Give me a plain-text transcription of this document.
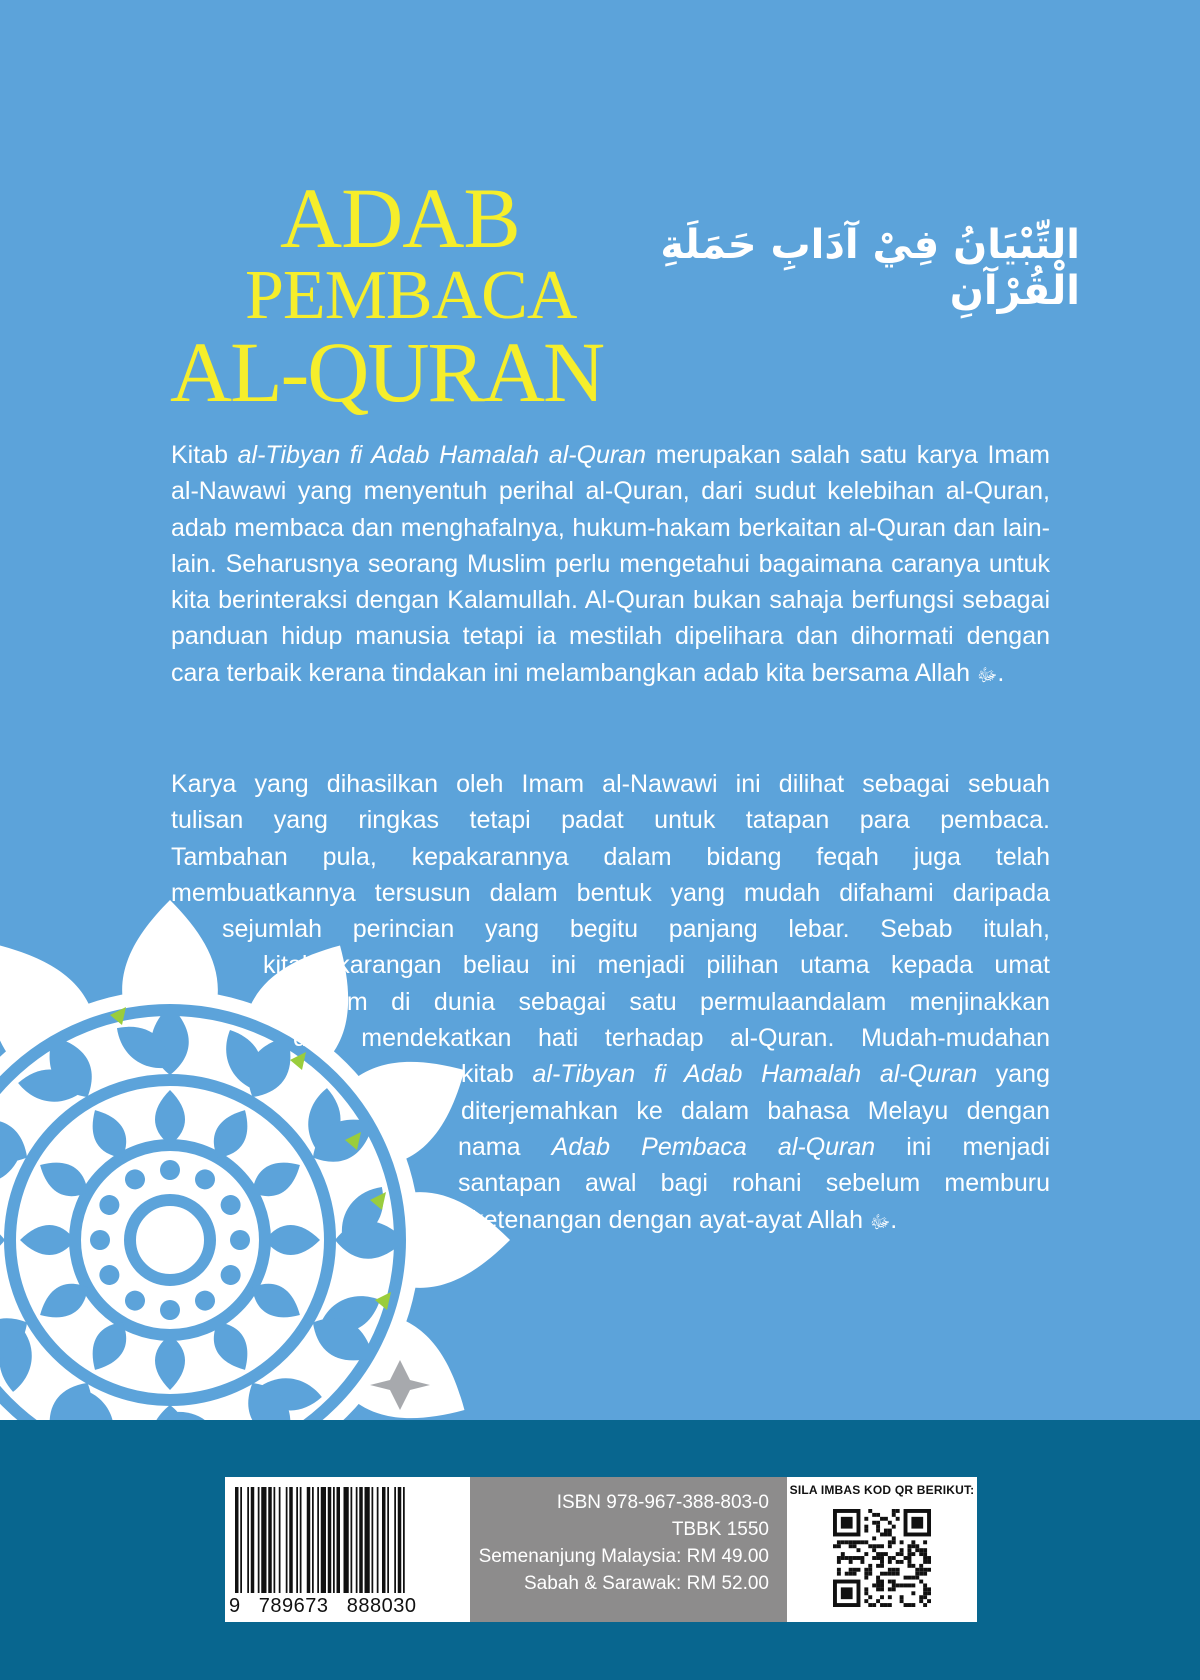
ADAB
PEMBACA
AL-QURAN
التِّبْيَانُ فِيْ آدَابِ حَمَلَةِ الْقُرْآنِ

Kitab al-Tibyan fi Adab Hamalah al-Quran merupakan salah satu karya Imam al-Nawawi yang menyentuh perihal al-Quran, dari sudut kelebihan al-Quran, adab membaca dan menghafalnya, hukum-hakam berkaitan al-Quran dan lain-lain. Seharusnya seorang Muslim perlu mengetahui bagaimana caranya untuk kita berinteraksi dengan Kalamullah. Al-Quran bukan sahaja berfungsi sebagai panduan hidup manusia tetapi ia mestilah dipelihara dan dihormati dengan cara terbaik kerana tindakan ini melambangkan adab kita bersama Allah ﷻ.

Karya yang dihasilkan oleh Imam al-Nawawi ini dilihat sebagai sebuah
tulisan yang ringkas tetapi padat untuk tatapan para pembaca.
Tambahan pula, kepakarannya dalam bidang feqah juga telah
membuatkannya tersusun dalam bentuk yang mudah difahami daripada
sejumlah perincian yang begitu panjang lebar. Sebab itulah,
kitab karangan beliau ini menjadi pilihan utama kepada umat
Islam di dunia sebagai satu permulaandalam menjinakkan
dan mendekatkan hati terhadap al-Quran. Mudah-mudahan
kitab al-Tibyan fi Adab Hamalah al-Quran yang
diterjemahkan ke dalam bahasa Melayu dengan
nama Adab Pembaca al-Quran ini menjadi
santapan awal bagi rohani sebelum memburu
ketenangan dengan ayat-ayat Allah ﷻ.
9   789673   888030
ISBN 978-967-388-803-0
TBBK 1550
Semenanjung Malaysia: RM 49.00
Sabah & Sarawak: RM 52.00
SILA IMBAS KOD QR BERIKUT:
